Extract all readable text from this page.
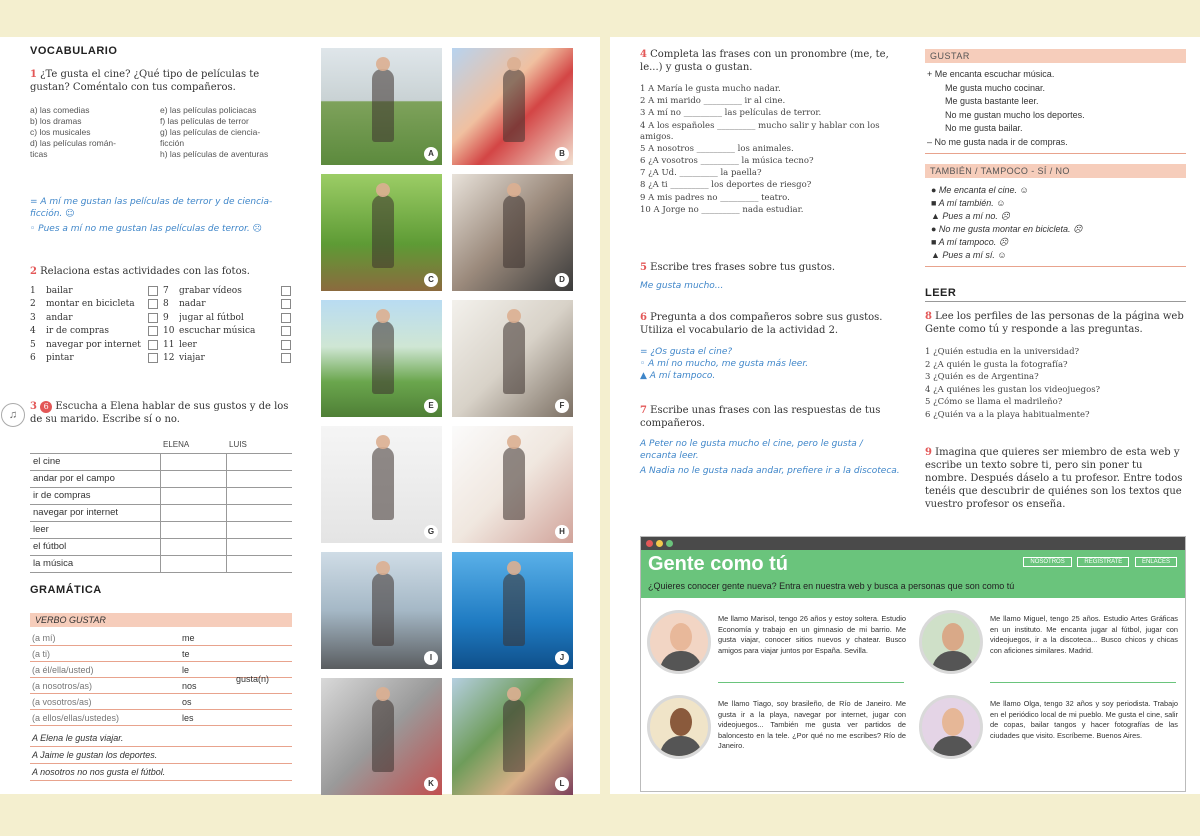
VOCABULARIO
1 ¿Te gusta el cine? ¿Qué tipo de películas te gustan? Coméntalo con tus compañeros.
a) las comedias
b) los dramas
c) los musicales
d) las películas román- ticas
e) las películas policiacas
f) las películas de terror
g) las películas de ciencia- ficción
h) las películas de aventuras
= A mí me gustan las películas de terror y de ciencia-ficción. ☺
◦ Pues a mí no me gustan las películas de terror. ☹
2 Relaciona estas actividades con las fotos.
1	bailar
2	montar en bicicleta
3	andar
4	ir de compras
5	navegar por internet
6	pintar
7	grabar vídeos
8	nadar
9	jugar al fútbol
10 escuchar música
11 leer
12 viajar
♫
3 6 Escucha a Elena hablar de sus gustos y de los de su marido. Escribe sí o no.
	ELENA	LUIS
el cine		
andar por el campo		
ir de compras		
navegar por internet		
leer		
el fútbol		
la música		
GRAMÁTICA
VERBO GUSTAR
(a mí)	me
(a ti)	te
(a él/ella/usted)	le
(a nosotros/as)	nos
(a vosotros/as)	os
(a ellos/ellas/ustedes)	les
gusta(n)
A Elena le gusta viajar.
A Jaime le gustan los deportes.
A nosotros no nos gusta el fútbol.
A	B
C	D
E	F
G	H
I	J
K	L
4 Completa las frases con un pronombre (me, te, le...) y gusta o gustan.
1 A María le gusta mucho nadar.
2 A mi marido _________ ir al cine.
3 A mí no _________ las películas de terror.
4 A los españoles _________ mucho salir y hablar con los amigos.
5 A nosotros _________ los animales.
6 ¿A vosotros _________ la música tecno?
7 ¿A Ud. _________ la paella?
8 ¿A ti _________ los deportes de riesgo?
9 A mis padres no _________ teatro.
10 A Jorge no _________ nada estudiar.
5 Escribe tres frases sobre tus gustos.
Me gusta mucho...
6 Pregunta a dos compañeros sobre sus gustos. Utiliza el vocabulario de la actividad 2.
= ¿Os gusta el cine?
◦ A mí no mucho, me gusta más leer.
▲ A mí tampoco.
7 Escribe unas frases con las respuestas de tus compañeros.
A Peter no le gusta mucho el cine, pero le gusta / encanta leer.
A Nadia no le gusta nada andar, prefiere ir a la discoteca.
GUSTAR
+ Me encanta escuchar música.
Me gusta mucho cocinar.
Me gusta bastante leer.
No me gustan mucho los deportes.
No me gusta bailar.
– No me gusta nada ir de compras.
TAMBIÉN / TAMPOCO - SÍ / NO
● Me encanta el cine. ☺
■ A mí también. ☺
▲ Pues a mí no. ☹
● No me gusta montar en bicicleta. ☹
■ A mí tampoco. ☹
▲ Pues a mí sí. ☺
LEER
8 Lee los perfiles de las personas de la página web Gente como tú y responde a las preguntas.
1 ¿Quién estudia en la universidad?
2 ¿A quién le gusta la fotografía?
3 ¿Quién es de Argentina?
4 ¿A quiénes les gustan los videojuegos?
5 ¿Cómo se llama el madrileño?
6 ¿Quién va a la playa habitualmente?
9 Imagina que quieres ser miembro de esta web y escribe un texto sobre ti, pero sin poner tu nombre. Después dáselo a tu profesor. Entre todos tenéis que descubrir de quiénes son los textos que vuestro profesor os enseña.
Gente como tú	NOSOTROS	REGÍSTRATE	ENLACES
¿Quieres conocer gente nueva? Entra en nuestra web y busca a personas que son como tú
Me llamo Marisol, tengo 26 años y estoy soltera. Estudio Economía y trabajo en un gimnasio de mi barrio. Me gusta viajar, conocer sitios nuevos y chatear. Busco amigos para viajar juntos por España. Sevilla.
Me llamo Miguel, tengo 25 años. Estudio Artes Gráficas en un instituto. Me encanta jugar al fútbol, jugar con videojuegos, ir a la discoteca... Busco chicos y chicas con aficiones similares. Madrid.
Me llamo Tiago, soy brasileño, de Río de Janeiro. Me gusta ir a la playa, navegar por internet, jugar con videojuegos... También me gusta ver partidos de baloncesto en la tele. ¿Por qué no me escribes? Río de Janeiro.
Me llamo Olga, tengo 32 años y soy periodista. Trabajo en el periódico local de mi pueblo. Me gusta el cine, salir de copas, bailar tangos y hacer fotografías de las ciudades que visito. Escríbeme. Buenos Aires.
